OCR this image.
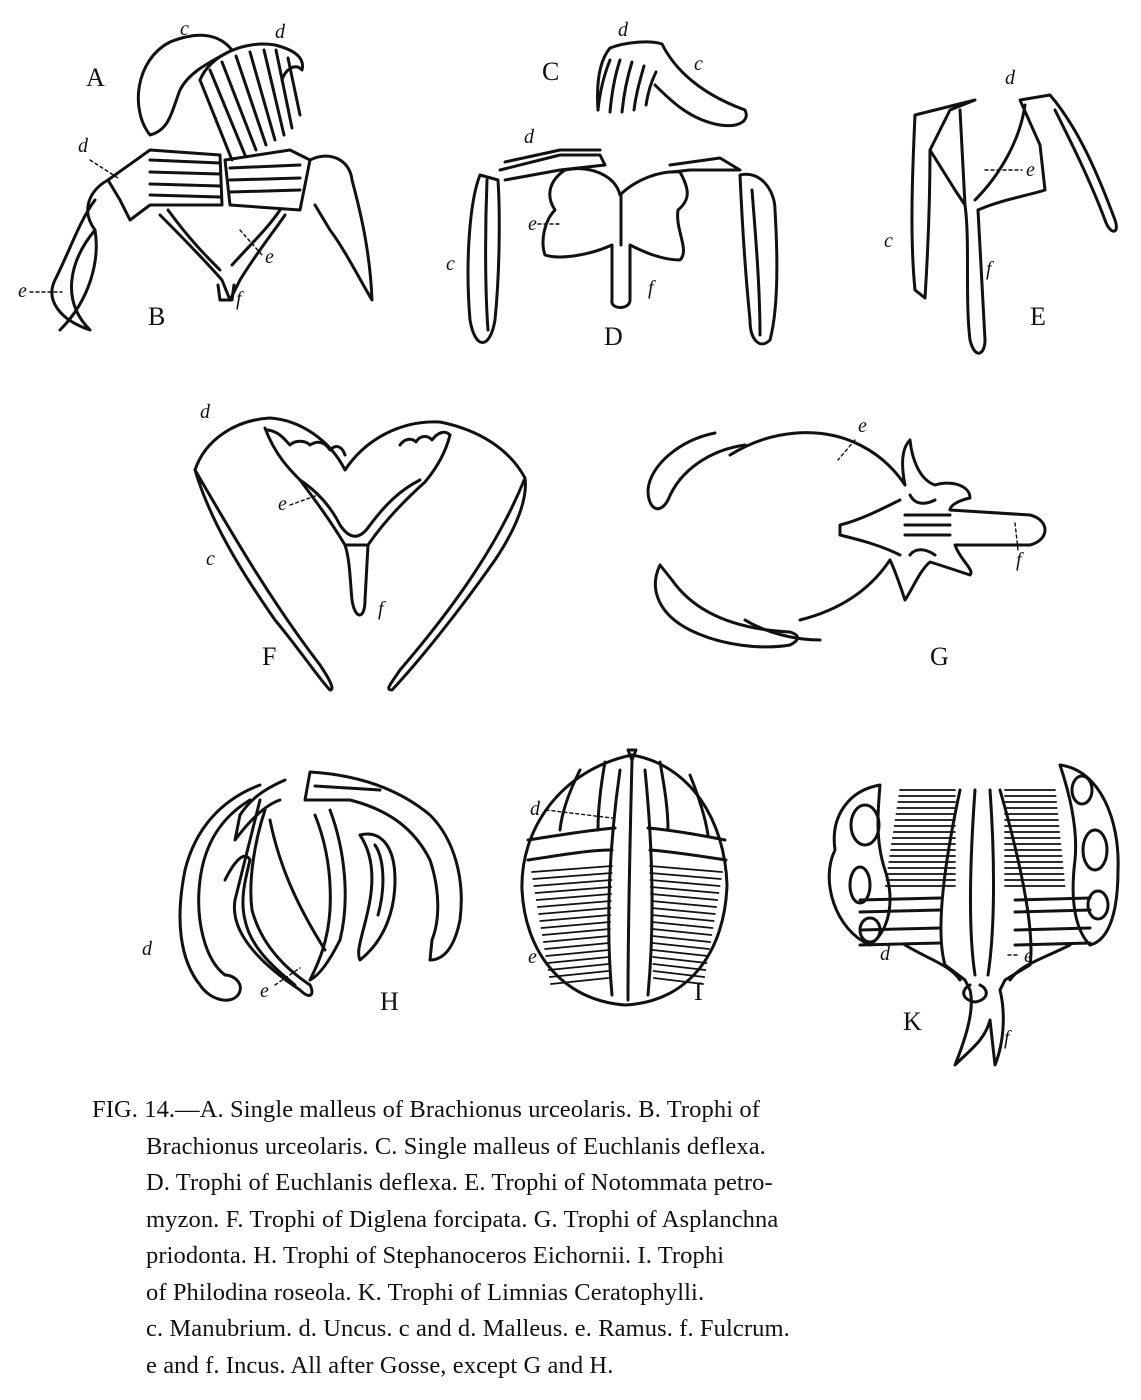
A
c	d
B
d
e
e	f
C
d
c
D
d
e
c
f
E
d
e
c
f
F
d
e
c
f
G
e
f
H
d
e	I
d
e
K
d	e
f
FIG. 14.—A. Single malleus of Brachionus urceolaris. B. Trophi of
Brachionus urceolaris. C. Single malleus of Euchlanis deflexa.
D. Trophi of Euchlanis deflexa. E. Trophi of Notommata petro-
myzon. F. Trophi of Diglena forcipata. G. Trophi of Asplanchna
priodonta. H. Trophi of Stephanoceros Eichornii. I. Trophi
of Philodina roseola. K. Trophi of Limnias Ceratophylli.
c. Manubrium. d. Uncus. c and d. Malleus. e. Ramus. f. Fulcrum.
e and f. Incus. All after Gosse, except G and H.
